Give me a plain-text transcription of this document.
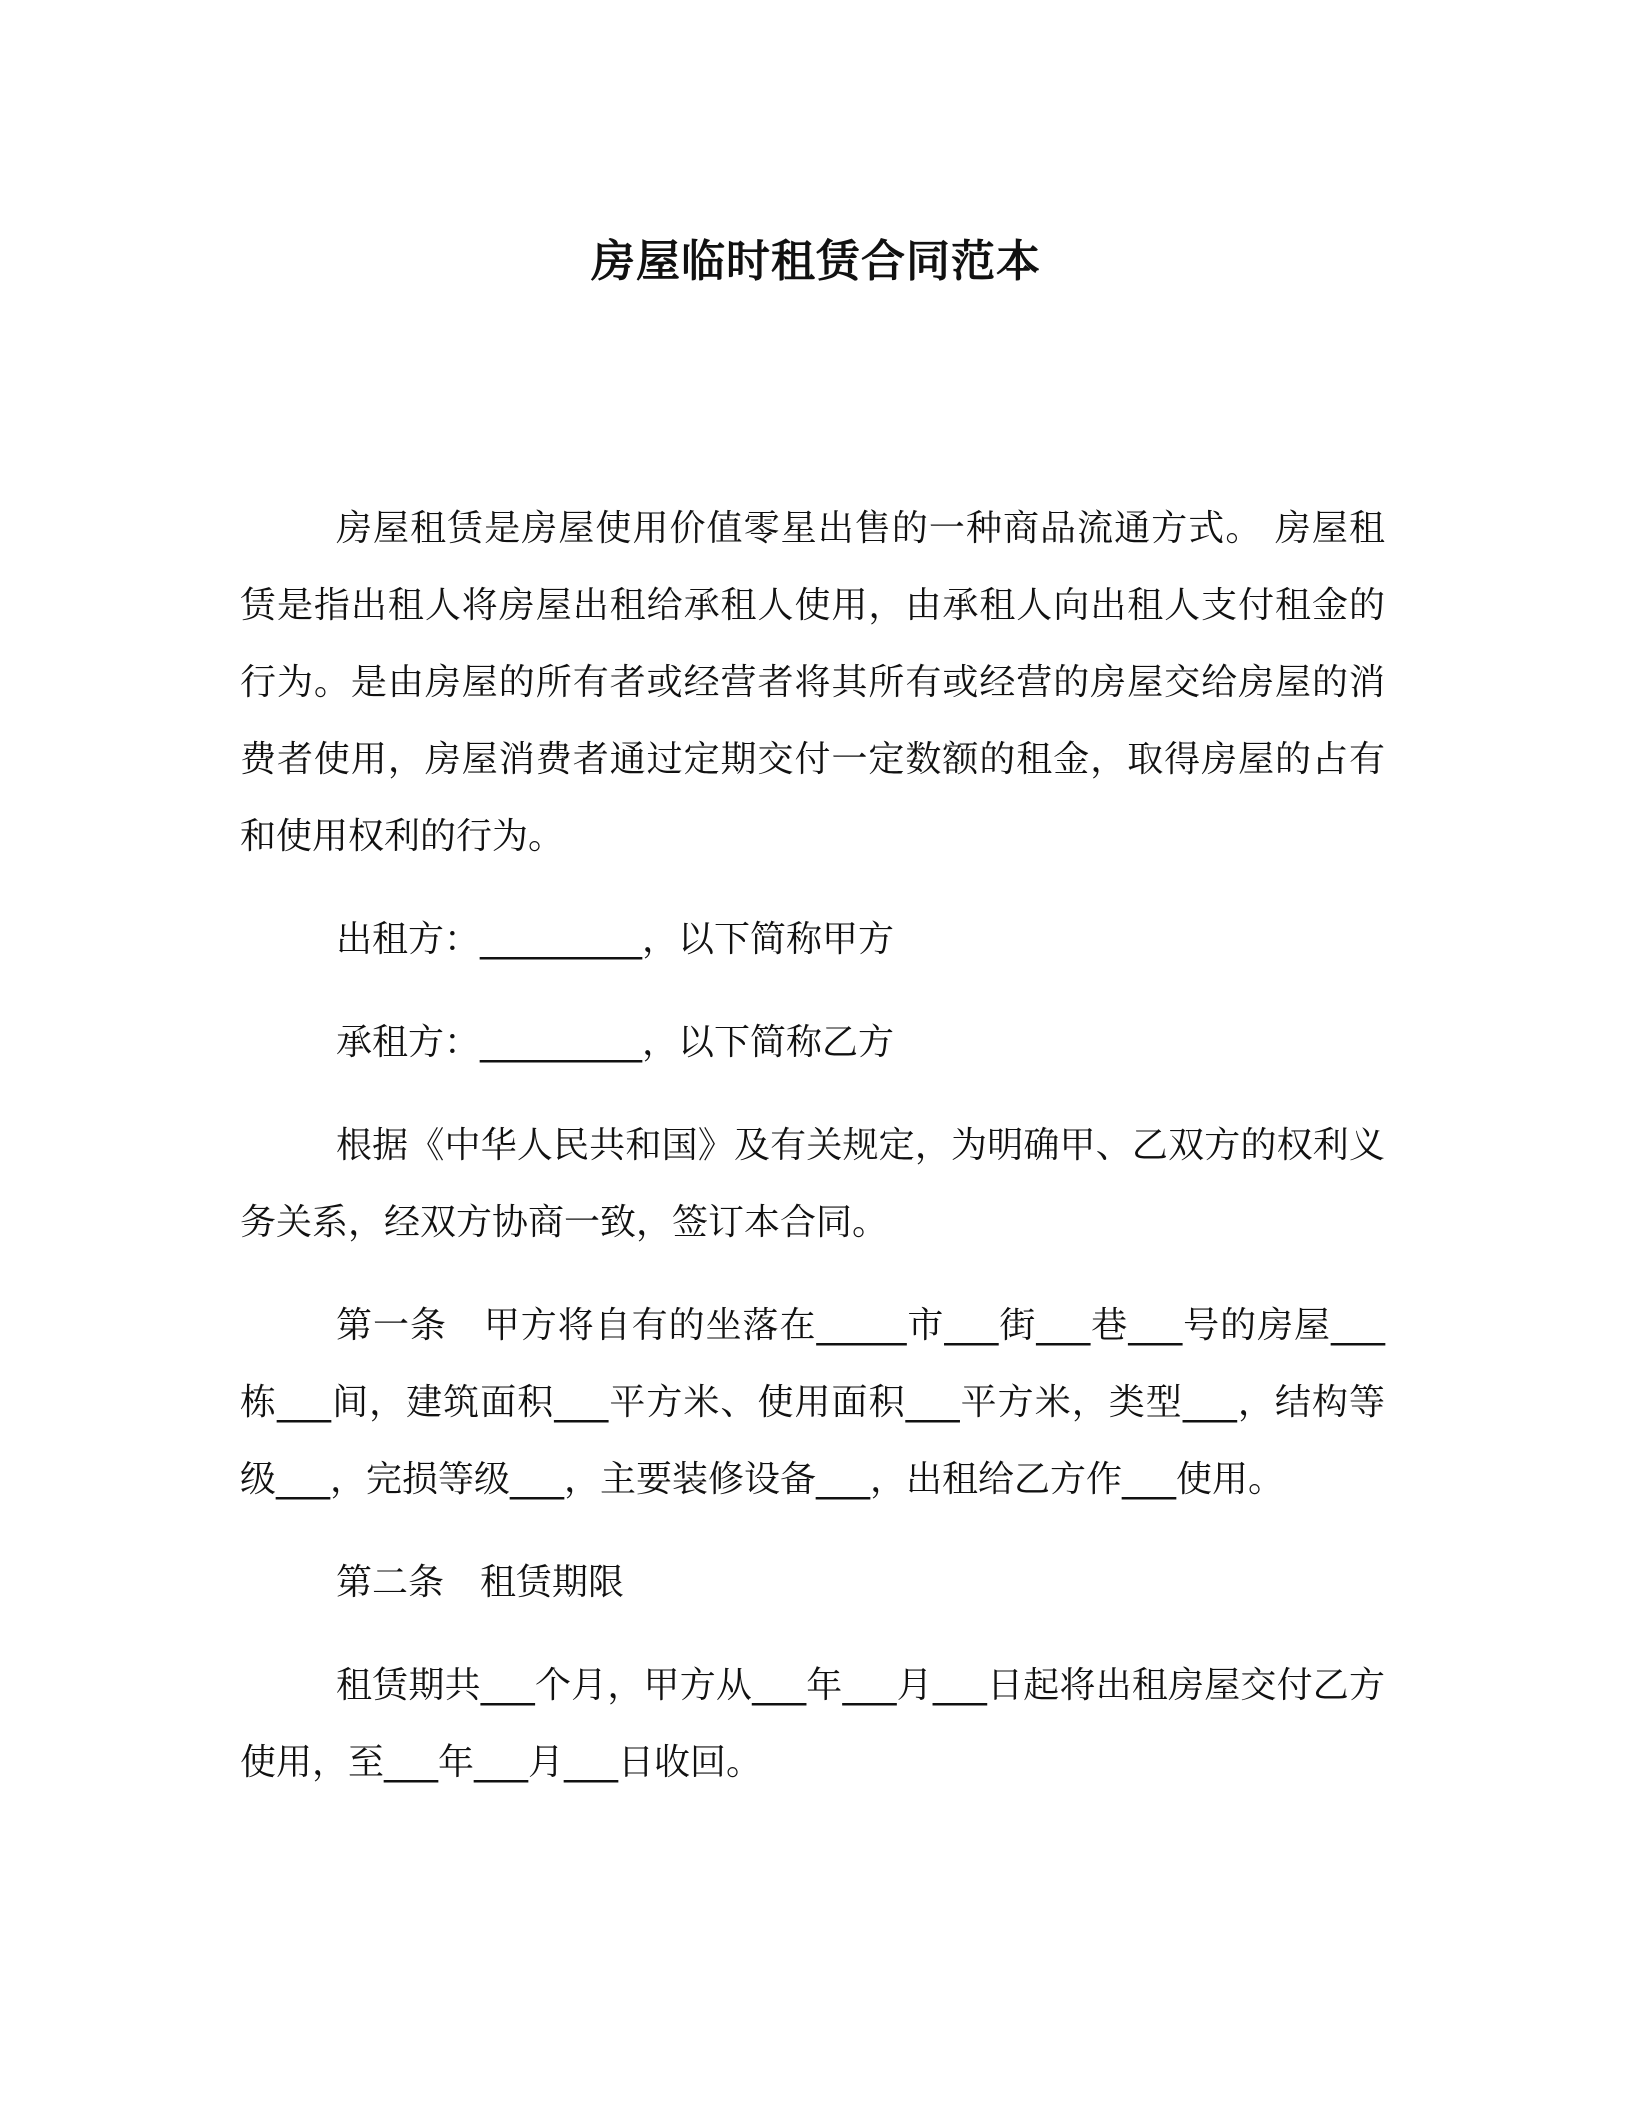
房屋临时租赁合同范本

房屋租赁是房屋使用价值零星出售的一种商品流通方式。 房屋租赁是指出租人将房屋出租给承租人使用，由承租人向出租人支付租金的行为。是由房屋的所有者或经营者将其所有或经营的房屋交给房屋的消费者使用，房屋消费者通过定期交付一定数额的租金，取得房屋的占有和使用权利的行为。

出租方：_________，以下简称甲方

承租方：_________，以下简称乙方

根据《中华人民共和国》及有关规定，为明确甲、乙双方的权利义务关系，经双方协商一致，签订本合同。

第一条　甲方将自有的坐落在_____市___街___巷___号的房屋___栋___间，建筑面积___平方米、使用面积___平方米，类型___，结构等级___，完损等级___，主要装修设备___，出租给乙方作___使用。

第二条　租赁期限

租赁期共___个月，甲方从___年___月___日起将出租房屋交付乙方使用，至___年___月___日收回。
